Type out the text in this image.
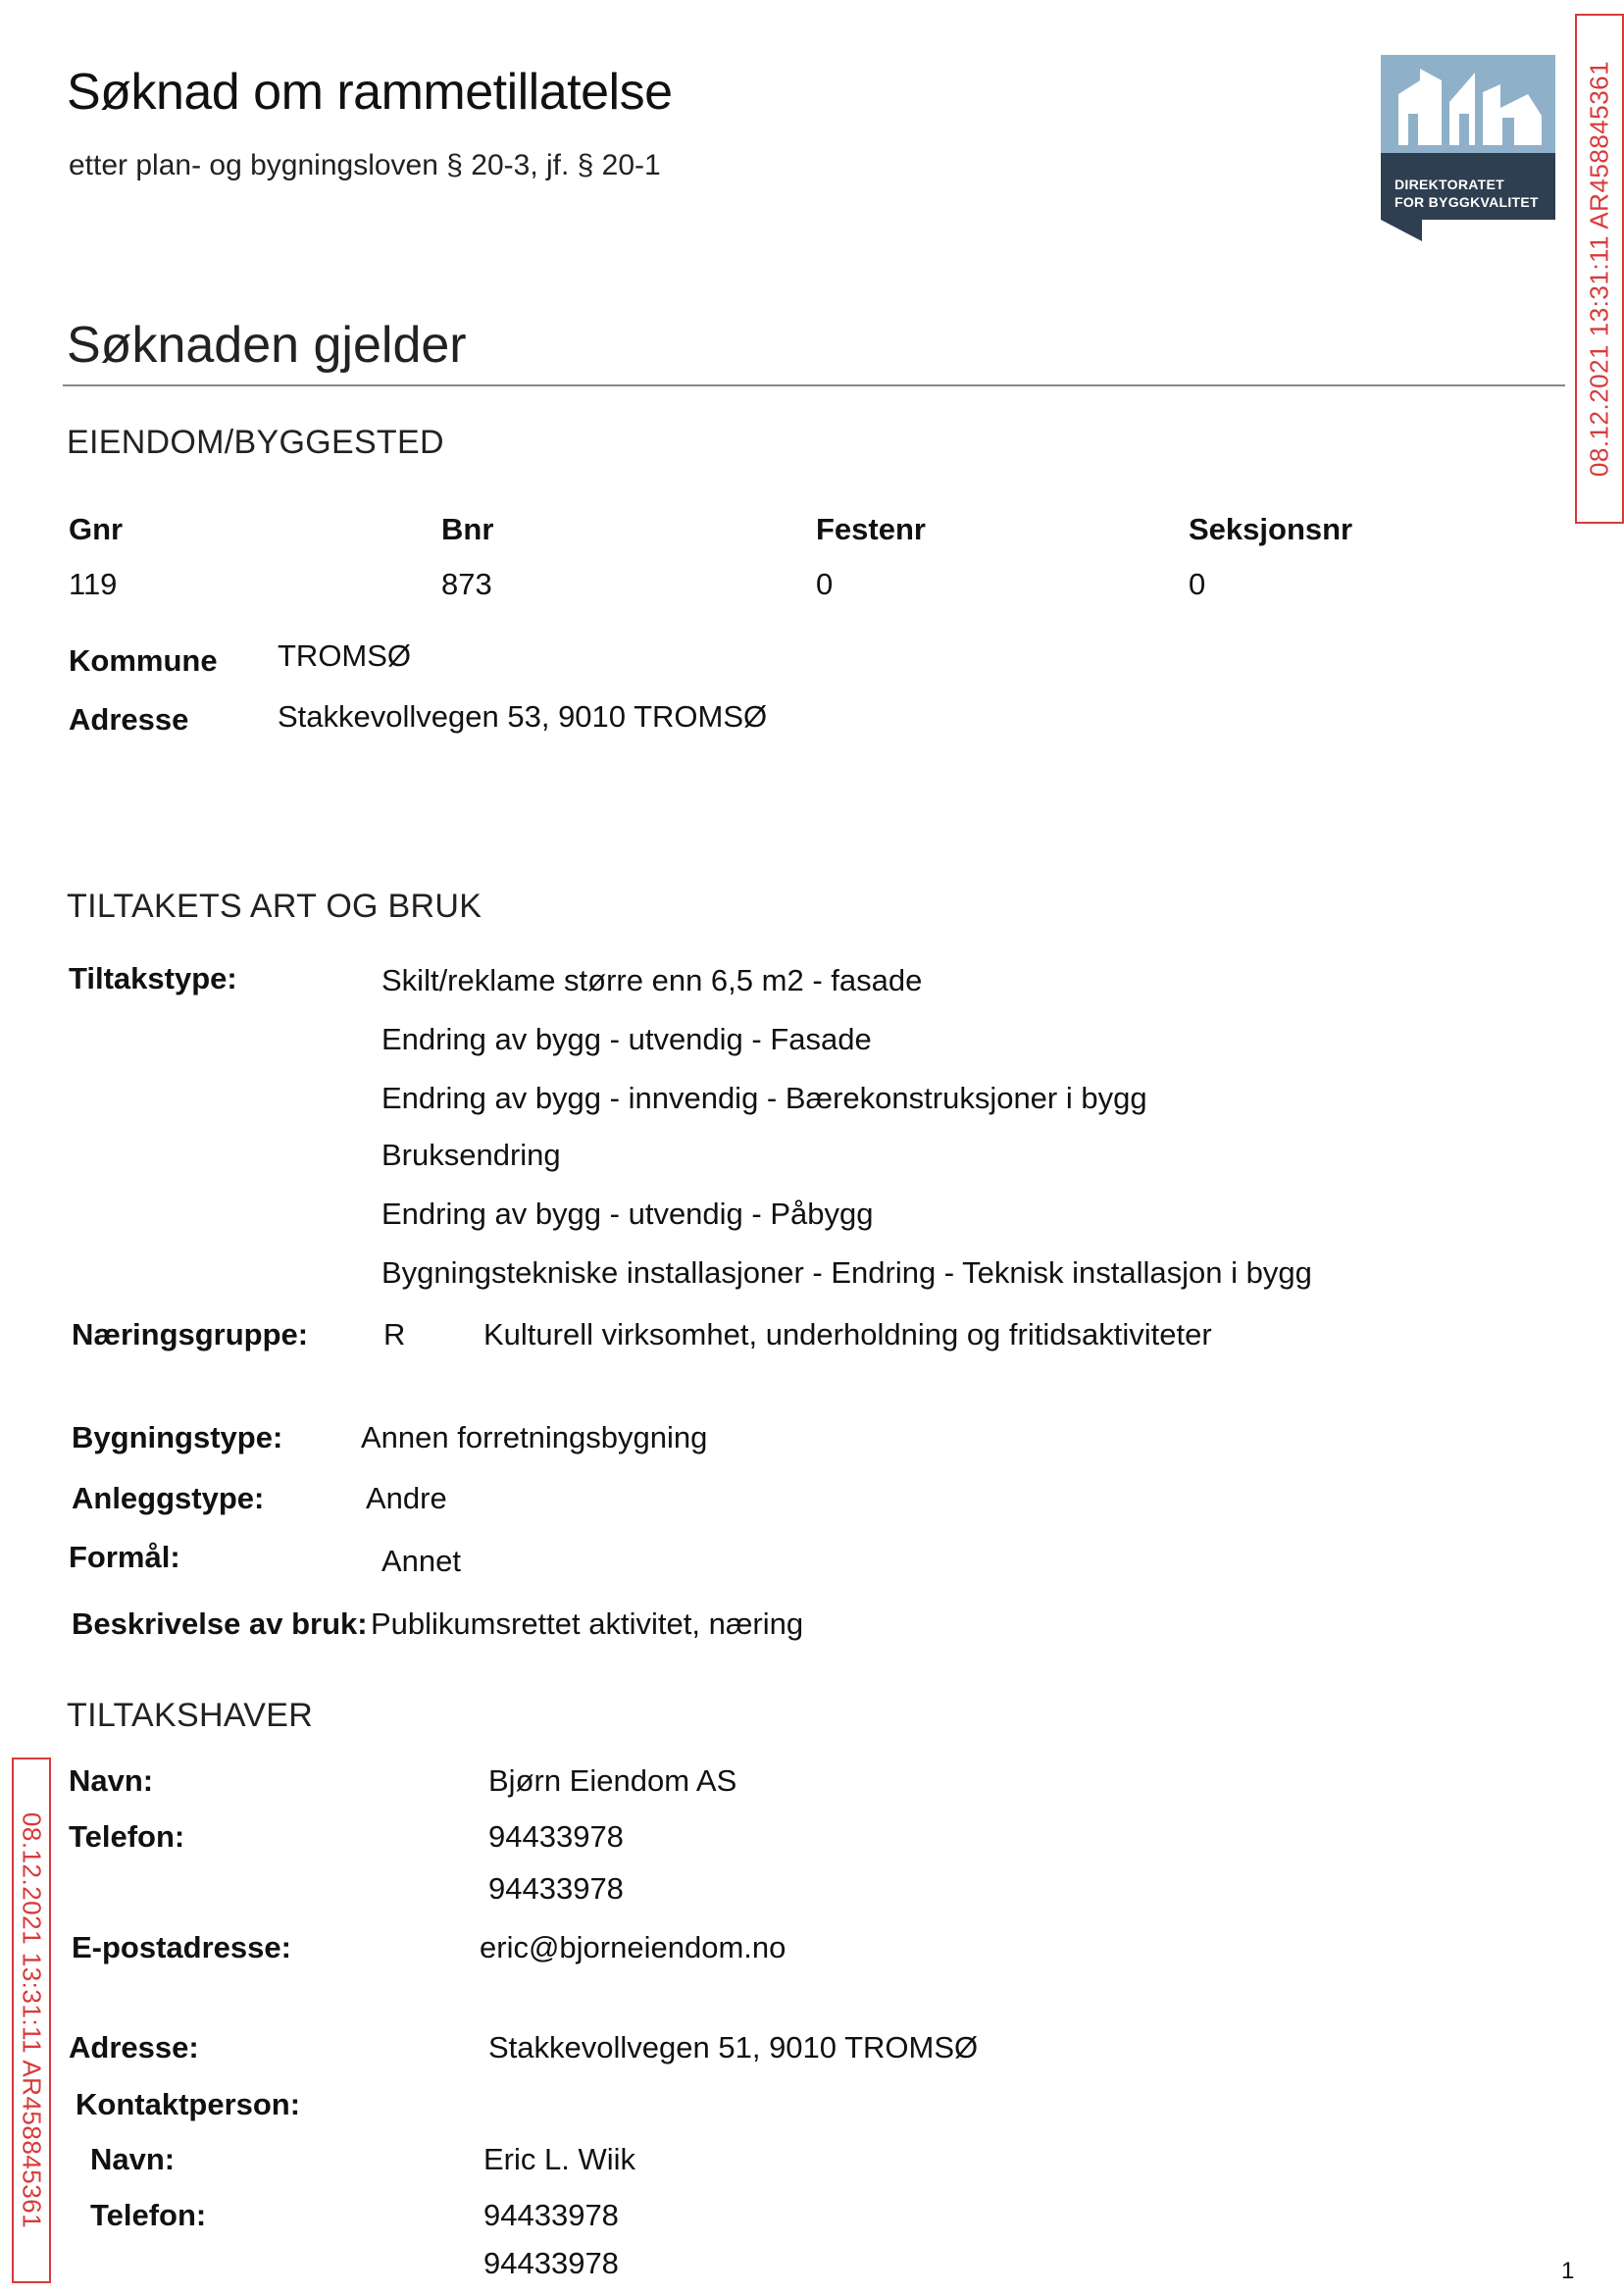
Søknad om rammetillatelse
etter plan- og bygningsloven § 20-3, jf. § 20-1
DIREKTORATET
FOR BYGGKVALITET 08.12.2021 13:31:11 AR458845361
08.12.2021 13:31:11 AR458845361
Søknaden gjelder
EIENDOM/BYGGESTED
Gnr	Bnr	Festenr	Seksjonsnr
119	873	0	0
Kommune TROMSØ
Adresse	Stakkevollvegen 53, 9010 TROMSØ
TILTAKETS ART OG BRUK
Tiltakstype:	Skilt/reklame større enn 6,5 m2 - fasade
Endring av bygg - utvendig - Fasade
Endring av bygg - innvendig - Bærekonstruksjoner i bygg
Bruksendring
Endring av bygg - utvendig - Påbygg
Bygningstekniske installasjoner - Endring - Teknisk installasjon i bygg
Næringsgruppe: R	Kulturell virksomhet, underholdning og fritidsaktiviteter
Bygningstype:	Annen forretningsbygning
Anleggstype:	Andre
Formål:	Annet
Beskrivelse av bruk: Publikumsrettet aktivitet, næring
TILTAKSHAVER
Navn:	Bjørn Eiendom AS
Telefon:	94433978
94433978
E-postadresse:	eric@bjorneiendom.no
Adresse:	Stakkevollvegen 51, 9010 TROMSØ
Kontaktperson:
Navn:	Eric L. Wiik
Telefon:	94433978
94433978	1
